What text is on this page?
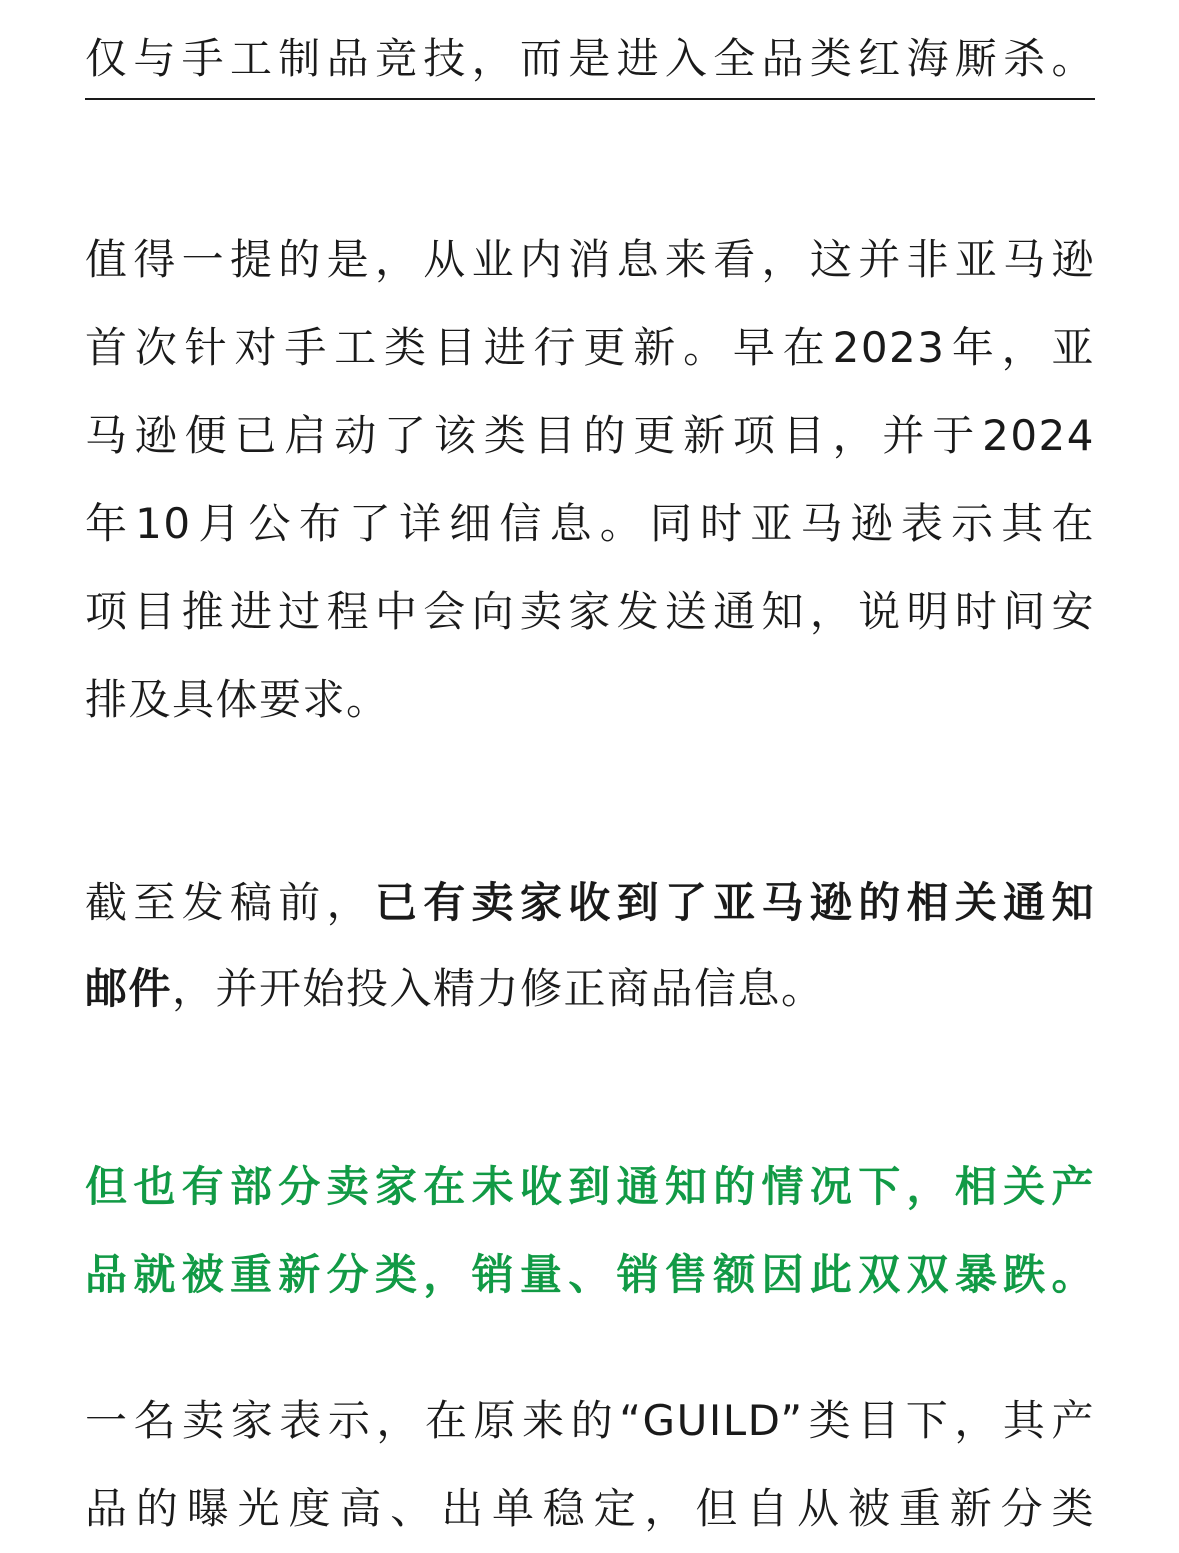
仅与手工制品竞技，而是进入全品类红海厮杀。
值得一提的是，从业内消息来看，这并非亚马逊
首次针对手工类目进行更新。早在2023年，亚
马逊便已启动了该类目的更新项目，并于2024
年10月公布了详细信息。同时亚马逊表示其在
项目推进过程中会向卖家发送通知，说明时间安
排及具体要求。
截至发稿前，已有卖家收到了亚马逊的相关通知
邮件，并开始投入精力修正商品信息。
但也有部分卖家在未收到通知的情况下，相关产
品就被重新分类，销量、销售额因此双双暴跌。
一名卖家表示，在原来的“GUILD”类目下，其产
品的曝光度高、出单稳定，但自从被重新分类
